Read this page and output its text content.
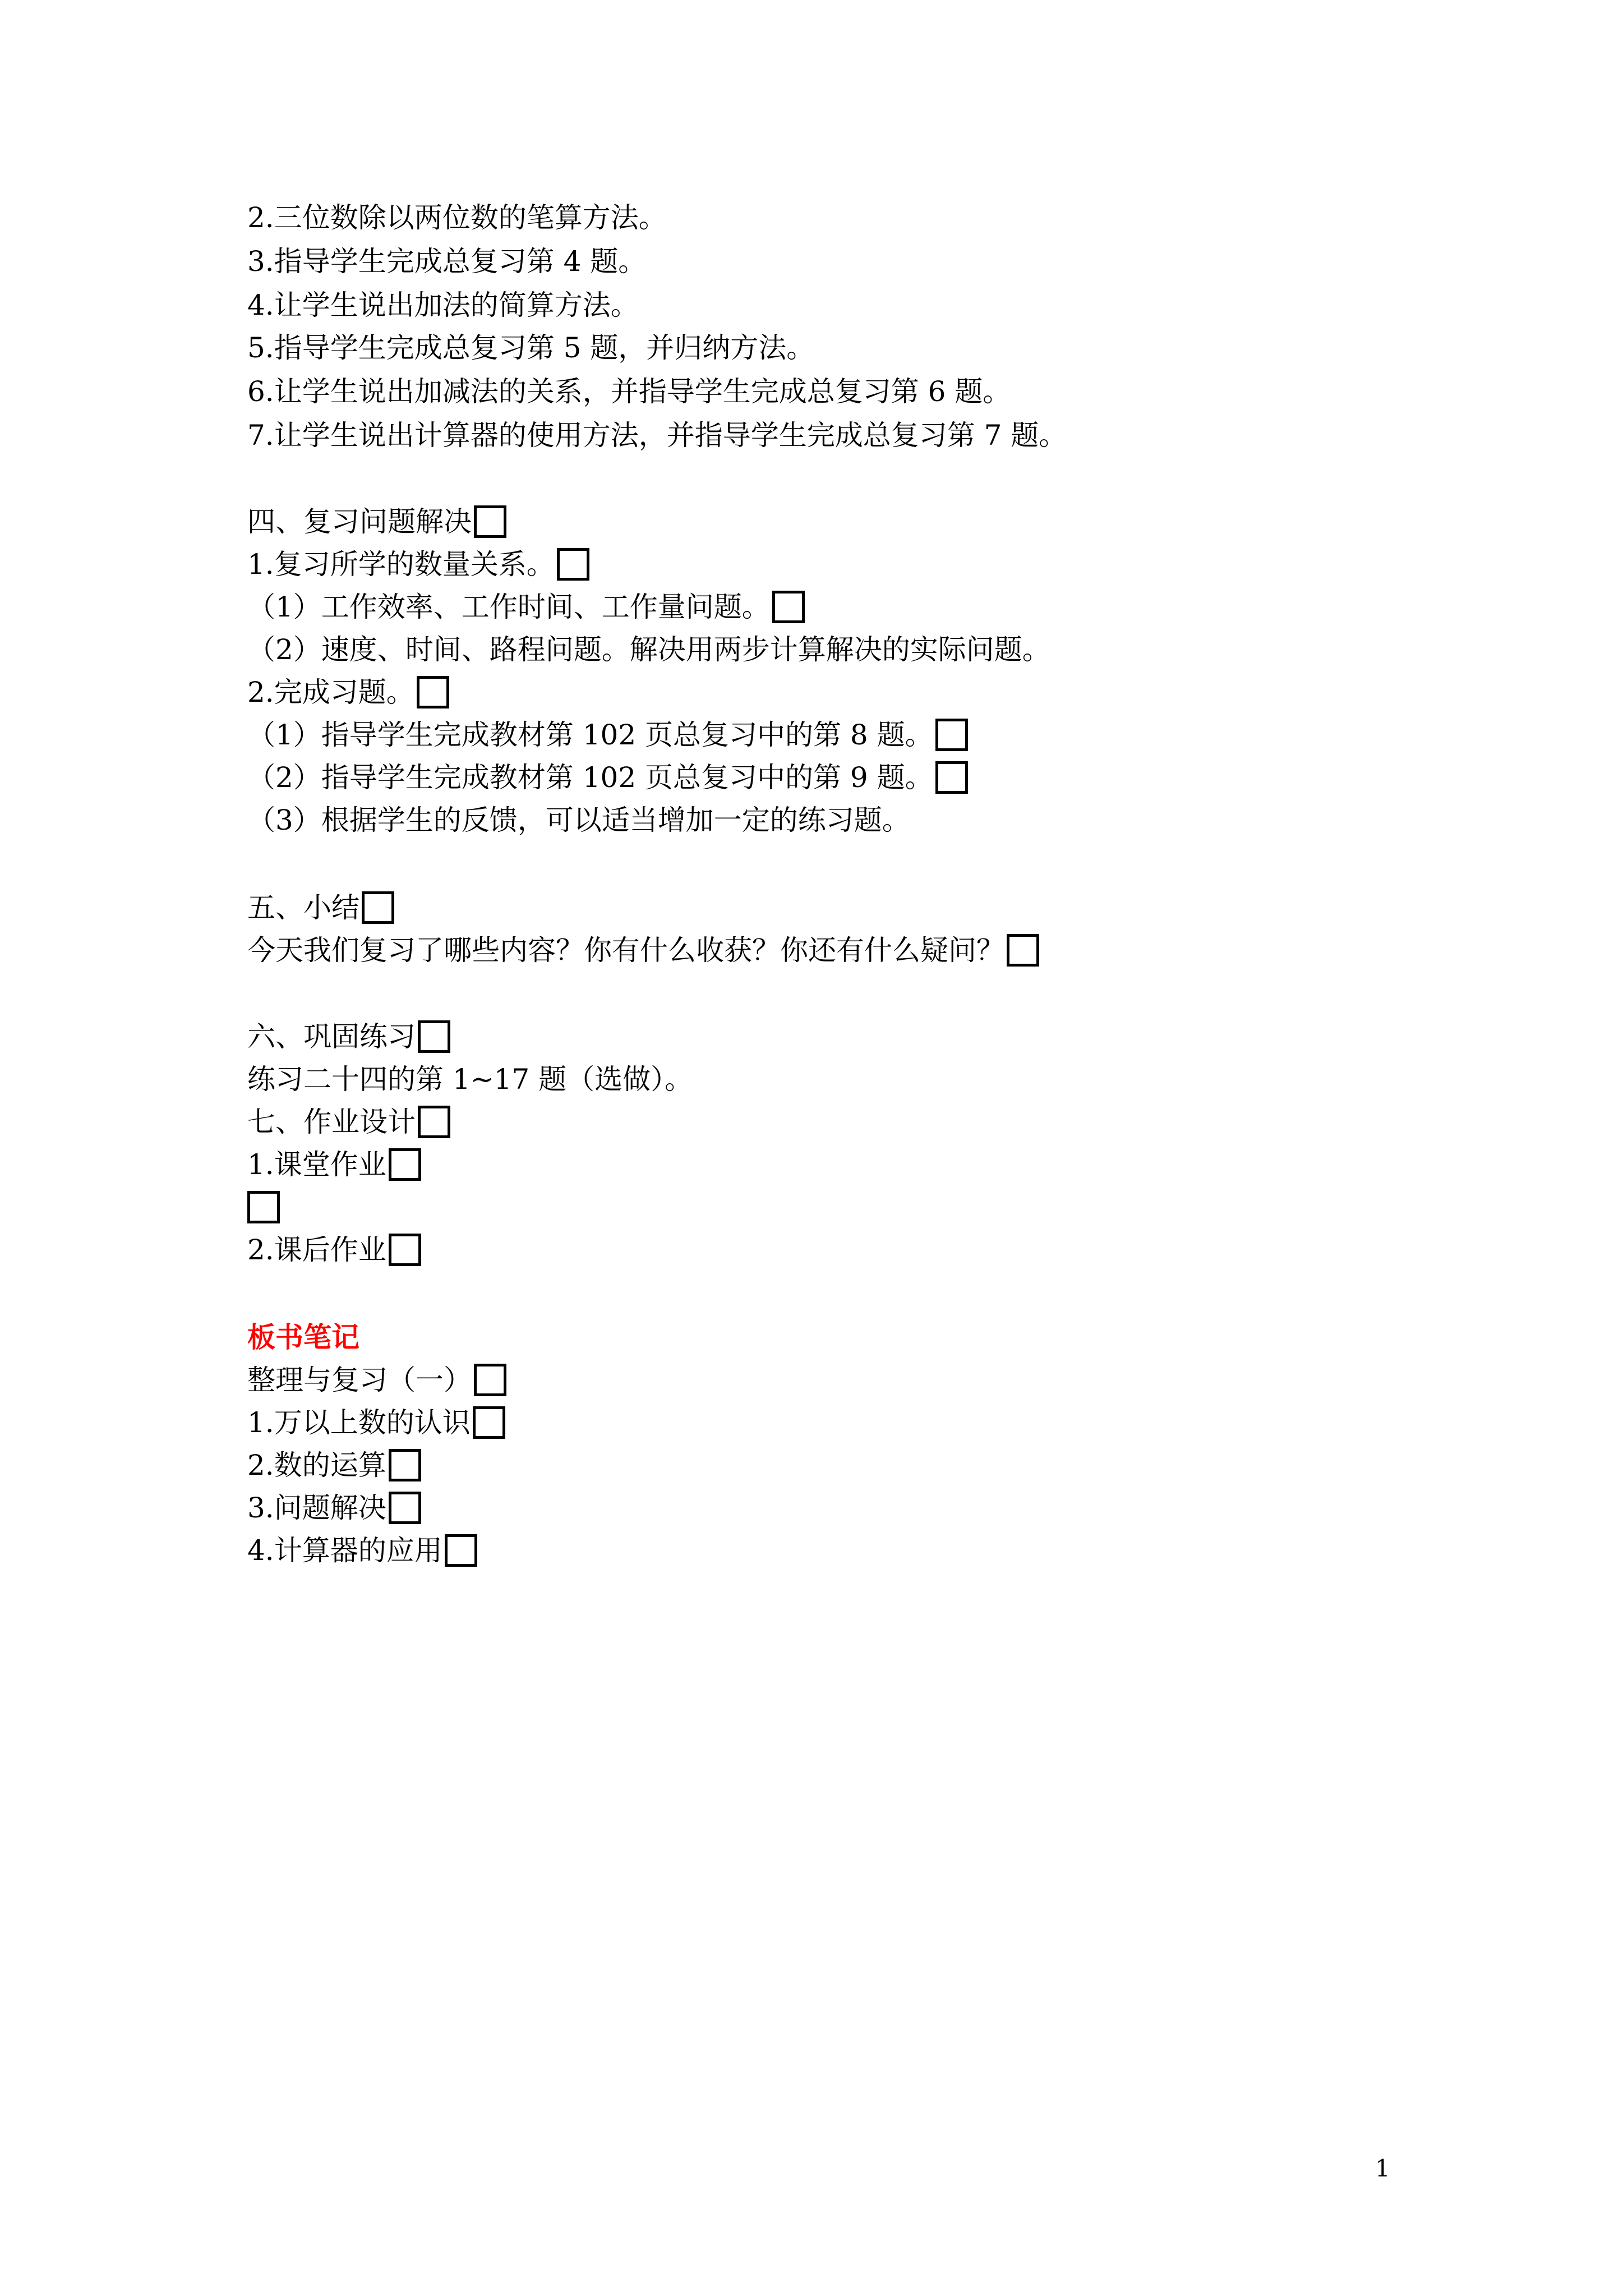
2.三位数除以两位数的笔算方法。
3.指导学生完成总复习第 4 题。
4.让学生说出加法的简算方法。
5.指导学生完成总复习第 5 题，并归纳方法。
6.让学生说出加减法的关系，并指导学生完成总复习第 6 题。
7.让学生说出计算器的使用方法，并指导学生完成总复习第 7 题。
四、复习问题解决
1.复习所学的数量关系。
（1）工作效率、工作时间、工作量问题。
（2）速度、时间、路程问题。解决用两步计算解决的实际问题。
2.完成习题。
（1）指导学生完成教材第 102 页总复习中的第 8 题。
（2）指导学生完成教材第 102 页总复习中的第 9 题。
（3）根据学生的反馈，可以适当增加一定的练习题。
五、小结
今天我们复习了哪些内容？你有什么收获？你还有什么疑问？
六、巩固练习
练习二十四的第 1~17 题（选做）。
七、作业设计
1.课堂作业
2.课后作业
板书笔记
整理与复习（一）
1.万以上数的认识
2.数的运算
3.问题解决
4.计算器的应用
1
